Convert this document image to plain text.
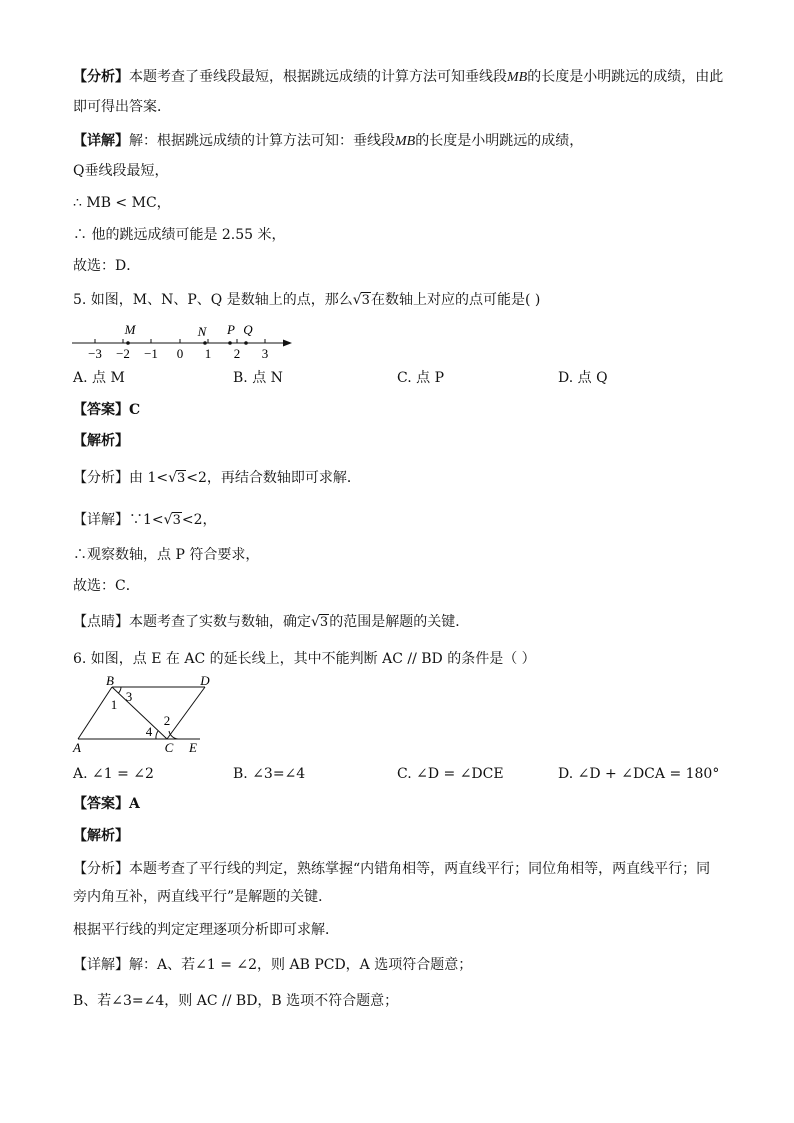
【分析】本题考查了垂线段最短，根据跳远成绩的计算方法可知垂线段MB的长度是小明跳远的成绩，由此
即可得出答案．
【详解】解：根据跳远成绩的计算方法可知：垂线段MB的长度是小明跳远的成绩，
Q垂线段最短，
∴ MB < MC，
∴ 他的跳远成绩可能是 2.55 米，
故选：D．
5. 如图，M、N、P、Q 是数轴上的点，那么√3在数轴上对应的点可能是( )
−3 −2 −1 0 1 2 3
M	N P Q
A. 点 M	B. 点 N	C. 点 P	D. 点 Q
【答案】C
【解析】
【分析】由 1<√3<2，再结合数轴即可求解．
【详解】∵1<√3<2，
∴观察数轴，点 P 符合要求，
故选：C．
【点睛】本题考查了实数与数轴，确定√3的范围是解题的关键．
6. 如图，点 E 在 AC 的延长线上，其中不能判断 AC // BD 的条件是（ ）
B	D
3
1
2
4
A	C E
A. ∠1 = ∠2	B. ∠3=∠4	C. ∠D = ∠DCE	D. ∠D + ∠DCA = 180°
【答案】A
【解析】
【分析】本题考查了平行线的判定，熟练掌握“内错角相等，两直线平行；同位角相等，两直线平行；同
旁内角互补，两直线平行”是解题的关键．
根据平行线的判定定理逐项分析即可求解．
【详解】解：A、若∠1 = ∠2，则 AB PCD，A 选项符合题意；
B、若∠3=∠4，则 AC // BD，B 选项不符合题意；
